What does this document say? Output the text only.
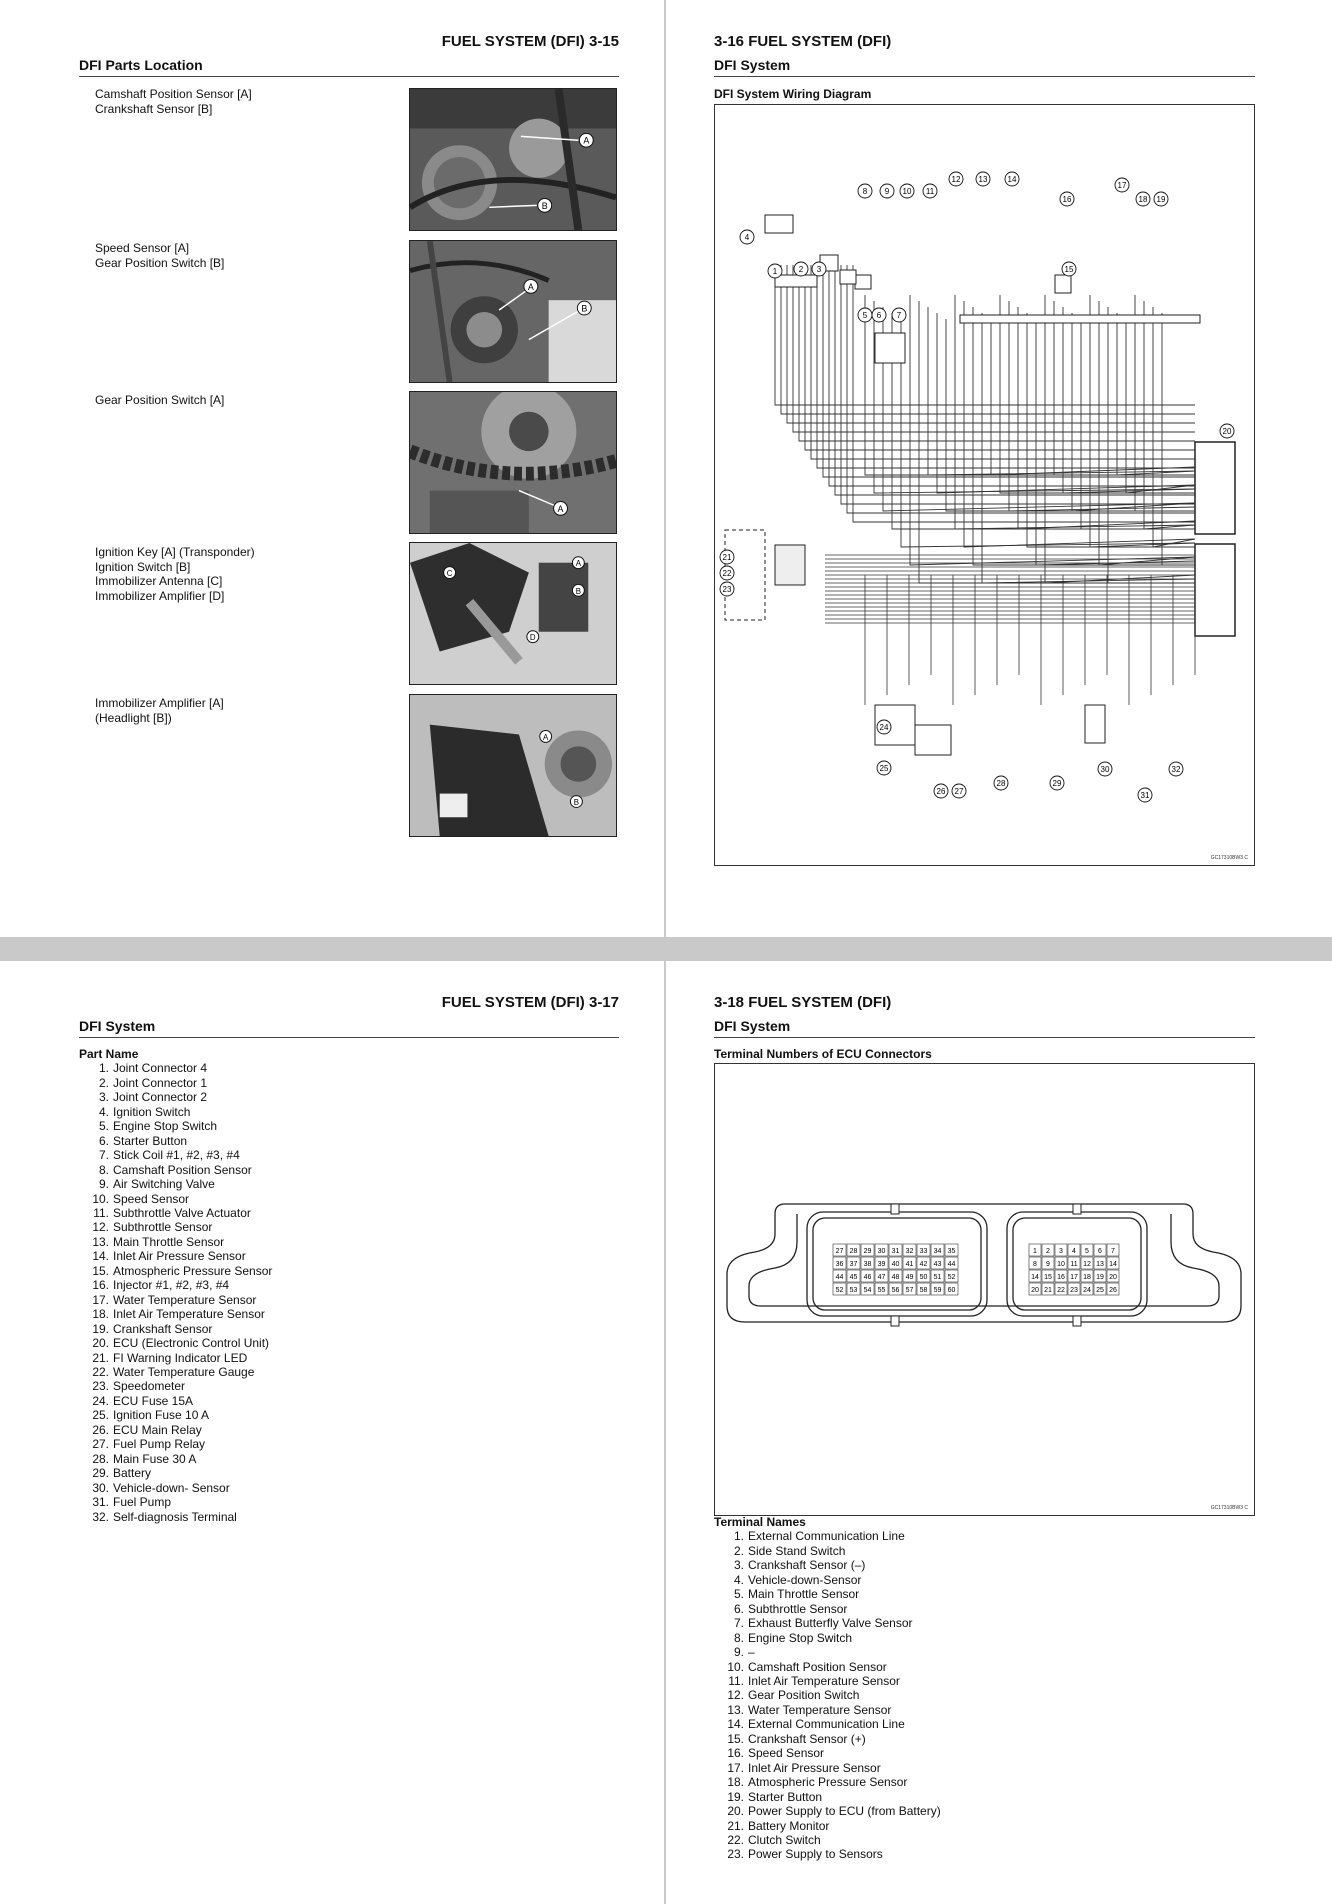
FUEL SYSTEM (DFI) 3-15
DFI Parts Location
Camshaft Position Sensor [A]
Crankshaft Sensor [B]
A
B
Speed Sensor [A]
Gear Position Switch [B]
A
B
Gear Position Switch [A]
A
Ignition Key [A] (Transponder)
Ignition Switch [B]
Immobilizer Antenna [C]
Immobilizer Amplifier [D]
C
A
B
D
Immobilizer Amplifier [A]
(Headlight [B])
A
B
3-16 FUEL SYSTEM (DFI)
DFI System
DFI System Wiring Diagram
4
1	2 3
5 6 7
8 9 10 11
12 13	14
16
17
18 19
15
20
21
22
23
24
25
26 27
28	29
30
31
32
GC17310BW3 C
FUEL SYSTEM (DFI) 3-17
DFI System
Part Name
1. Joint Connector 4
2. Joint Connector 1
3. Joint Connector 2
4. Ignition Switch
5. Engine Stop Switch
6. Starter Button
7. Stick Coil #1, #2, #3, #4
8. Camshaft Position Sensor
9. Air Switching Valve
10. Speed Sensor
11. Subthrottle Valve Actuator
12. Subthrottle Sensor
13. Main Throttle Sensor
14. Inlet Air Pressure Sensor
15. Atmospheric Pressure Sensor
16. Injector #1, #2, #3, #4
17. Water Temperature Sensor
18. Inlet Air Temperature Sensor
19. Crankshaft Sensor
20. ECU (Electronic Control Unit)
21. FI Warning Indicator LED
22. Water Temperature Gauge
23. Speedometer
24. ECU Fuse 15A
25. Ignition Fuse 10 A
26. ECU Main Relay
27. Fuel Pump Relay
28. Main Fuse 30 A
29. Battery
30. Vehicle-down- Sensor
31. Fuel Pump
32. Self-diagnosis Terminal
3-18 FUEL SYSTEM (DFI)
DFI System
Terminal Numbers of ECU Connectors
27 28 29 30 31 32 33 34 35
36 37 38 39 40 41 42 43 44
44 45 46 47 48 49 50 51 52
52 53 54 55 56 57 58 59 60
1 2 3 4 5 6 7
8 9 10 11 12 13 14
14 15 16 17 18 19 20
20 21 22 23 24 25 26
GC17310BW3 C
Terminal Names
1. External Communication Line
2. Side Stand Switch
3. Crankshaft Sensor (–)
4. Vehicle-down-Sensor
5. Main Throttle Sensor
6. Subthrottle Sensor
7. Exhaust Butterfly Valve Sensor
8. Engine Stop Switch
9. –
10. Camshaft Position Sensor
11. Inlet Air Temperature Sensor
12. Gear Position Switch
13. Water Temperature Sensor
14. External Communication Line
15. Crankshaft Sensor (+)
16. Speed Sensor
17. Inlet Air Pressure Sensor
18. Atmospheric Pressure Sensor
19. Starter Button
20. Power Supply to ECU (from Battery)
21. Battery Monitor
22. Clutch Switch
23. Power Supply to Sensors
